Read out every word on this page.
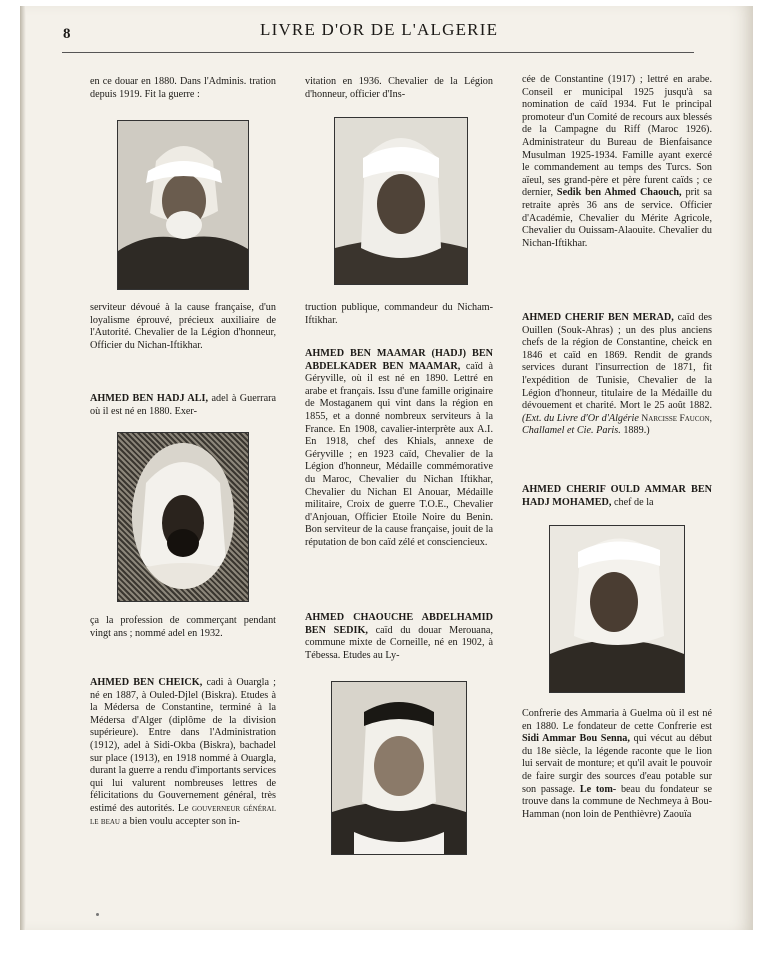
8	LIVRE D'OR DE L'ALGERIE

en ce douar en 1880. Dans l'Adminis. tration depuis 1919. Fit la guerre :

serviteur dévoué à la cause française, d'un loyalisme éprouvé, précieux auxiliaire de l'Autorité. Chevalier de la Légion d'honneur, Officier du Nichan-Iftikhar.

AHMED BEN HADJ ALI, adel à Guerrara où il est né en 1880. Exer-

ça la profession de commerçant pendant vingt ans ; nommé adel en 1932.

AHMED BEN CHEICK, cadi à Ouargla ; né en 1887, à Ouled-Djlel (Biskra). Etudes à la Médersa de Constantine, terminé à la Médersa d'Alger (diplôme de la division supérieure). Entre dans l'Administration (1912), adel à Sidi-Okba (Biskra), bachadel sur place (1913), en 1918 nommé à Ouargla, durant la guerre a rendu d'importants services qui lui valurent nombreuses lettres de félicitations du Gouvernement général, très estimé des autorités. Le gouverneur général le beau a bien voulu accepter son in-

vitation en 1936. Chevalier de la Légion d'honneur, officier d'Ins-

truction publique, commandeur du Nicham-Iftikhar.

AHMED BEN MAAMAR (HADJ) BEN ABDELKADER BEN MAAMAR, caïd à Géryville, où il est né en 1890. Lettré en arabe et français. Issu d'une famille originaire de Mostaganem qui vint dans la région en 1855, et a donné nombreux serviteurs à la France. En 1908, cavalier-interprète aux A.I. En 1918, chef des Khials, annexe de Géryville ; en 1923 caïd, Chevalier de la Légion d'honneur, Médaille commémorative du Maroc, Chevalier du Nichan Iftikhar, Chevalier du Nichan El Anouar, Médaille militaire, Croix de guerre T.O.E., Chevalier d'Anjouan, Officier Etoile Noire du Benin. Bon serviteur de la cause française, jouit de la réputation de bon caïd zélé et consciencieux.

AHMED CHAOUCHE ABDELHAMID BEN SEDIK, caïd du douar Merouana, commune mixte de Corneille, né en 1902, à Tébessa. Etudes au Ly-

cée de Constantine (1917) ; lettré en arabe. Conseil er municipal 1925 jusqu'à sa nomination de caïd 1934. Fut le principal promoteur d'un Comité de recours aux blessés de la Campagne du Riff (Maroc 1926). Administrateur du Bureau de Bienfaisance Musulman 1925-1934. Famille ayant exercé le commandement au temps des Turcs. Son aïeul, ses grand-père et père furent caïds ; ce dernier, Sedik ben Ahmed Chaouch, prit sa retraite après 36 ans de service. Officier d'Académie, Chevalier du Mérite Agricole, Chevalier du Ouissam-Alaouite. Chevalier du Nichan-Iftikhar.

AHMED CHERIF BEN MERAD, caïd des Ouillen (Souk-Ahras) ; un des plus anciens chefs de la région de Constantine, cheick en 1846 et caïd en 1869. Rendit de grands services durant l'insurrection de 1871, fit l'expédition de Tunisie, Chevalier de la Légion d'honneur, titulaire de la Médaille du dévouement et charité. Mort le 25 août 1882. (Ext. du Livre d'Or d'Algérie Narcisse Faucon, Challamel et Cie. Paris. 1889.)

AHMED CHERIF OULD AMMAR BEN HADJ MOHAMED, chef de la

Confrerie des Ammaria à Guelma où il est né en 1880. Le fondateur de cette Confrerie est Sidi Ammar Bou Senna, qui vécut au début du 18e siècle, la légende raconte que le lion lui servait de monture; et qu'il avait le pouvoir de faire surgir des sources d'eau potable sur son passage. Le tom- beau du fondateur se trouve dans la commune de Nechmeya à Bou-Hamman (non loin de Penthièvre) Zaouïa
